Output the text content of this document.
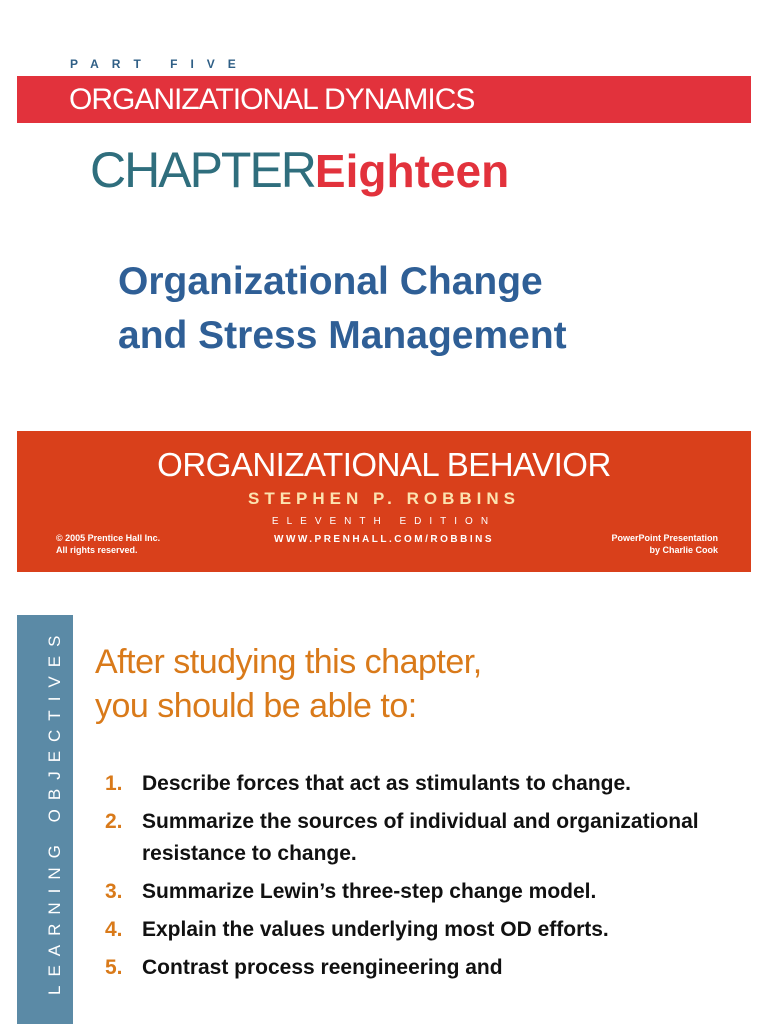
PART FIVE
ORGANIZATIONAL DYNAMICS
CHAPTEREighteen
Organizational Change
and Stress Management
ORGANIZATIONAL BEHAVIOR
STEPHEN P. ROBBINS
ELEVENTH EDITION
WWW.PRENHALL.COM/ROBBINS
© 2005 Prentice Hall Inc.
All rights reserved.
PowerPoint Presentation
by Charlie Cook
LEARNING OBJECTIVES After studying this chapter,
you should be able to:
1. Describe forces that act as stimulants to change.
2. Summarize the sources of individual and organizational resistance to change.
3. Summarize Lewin’s three-step change model.
4. Explain the values underlying most OD efforts.
5. Contrast process reengineering and
